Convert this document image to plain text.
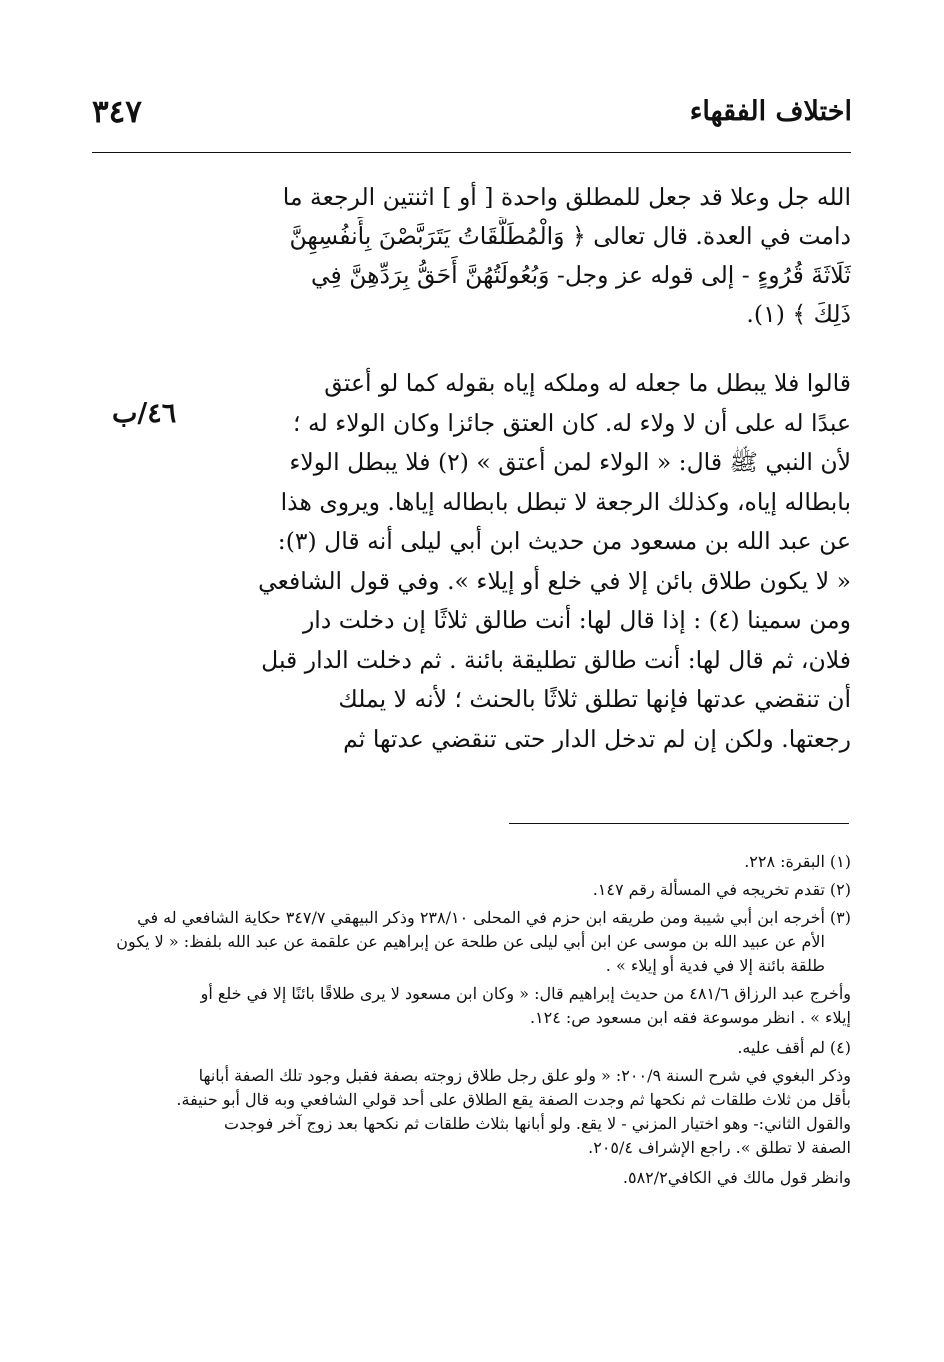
اختلاف الفقهاء
٣٤٧
٤٦/ب
الله جل وعلا قد جعل للمطلق واحدة [ أو ] اثنتين الرجعة ما
دامت في العدة. قال تعالى ﴿ وَالْمُطَلَّقَاتُ يَتَرَبَّصْنَ بِأَنفُسِهِنَّ
ثَلَاثَةَ قُرُوءٍ - إلى قوله عز وجل- وَبُعُولَتُهُنَّ أَحَقُّ بِرَدِّهِنَّ فِي
ذَلِكَ ﴾ (١).
قالوا فلا يبطل ما جعله له وملكه إياه بقوله كما لو أعتق
عبدًا له على أن لا ولاء له. كان العتق جائزا وكان الولاء له ؛
لأن النبي ﷺ قال: « الولاء لمن أعتق » (٢) فلا يبطل الولاء
بابطاله إياه، وكذلك الرجعة لا تبطل بابطاله إياها. ويروى هذا
عن عبد الله بن مسعود من حديث ابن أبي ليلى أنه قال (٣):
« لا يكون طلاق بائن إلا في خلع أو إيلاء ». وفي قول الشافعي
ومن سمينا (٤) : إذا قال لها: أنت طالق ثلاثًا إن دخلت دار
فلان، ثم قال لها: أنت طالق تطليقة بائنة . ثم دخلت الدار قبل
أن تنقضي عدتها فإنها تطلق ثلاثًا بالحنث ؛ لأنه لا يملك
رجعتها. ولكن إن لم تدخل الدار حتى تنقضي عدتها ثم
(١)
البقرة: ٢٢٨.
(٢)
تقدم تخريجه في المسألة رقم ١٤٧.
(٣)
أخرجه ابن أبي شيبة ومن طريقه ابن حزم في المحلى ٢٣٨/١٠ وذكر البيهقي ٣٤٧/٧ حكاية الشافعي له في
الأم عن عبيد الله بن موسى عن ابن أبي ليلى عن طلحة عن إبراهيم عن علقمة عن عبد الله بلفظ: « لا يكون
طلقة بائنة إلا في فدية أو إيلاء » .
وأخرج عبد الرزاق ٤٨١/٦ من حديث إبراهيم قال: « وكان ابن مسعود لا يرى طلاقًا بائنًا إلا في خلع أو
إيلاء » . انظر موسوعة فقه ابن مسعود ص: ١٢٤.
(٤)
لم أقف عليه.
وذكر البغوي في شرح السنة ٢٠٠/٩: « ولو علق رجل طلاق زوجته بصفة فقبل وجود تلك الصفة أبانها
بأقل من ثلاث طلقات ثم نكحها ثم وجدت الصفة يقع الطلاق على أحد قولي الشافعي وبه قال أبو حنيفة.
والقول الثاني:- وهو اختيار المزني - لا يقع. ولو أبانها بثلاث طلقات ثم نكحها بعد زوج آخر فوجدت
الصفة لا تطلق ». راجع الإشراف ٢٠٥/٤.
وانظر قول مالك في الكافي٥٨٢/٢.
